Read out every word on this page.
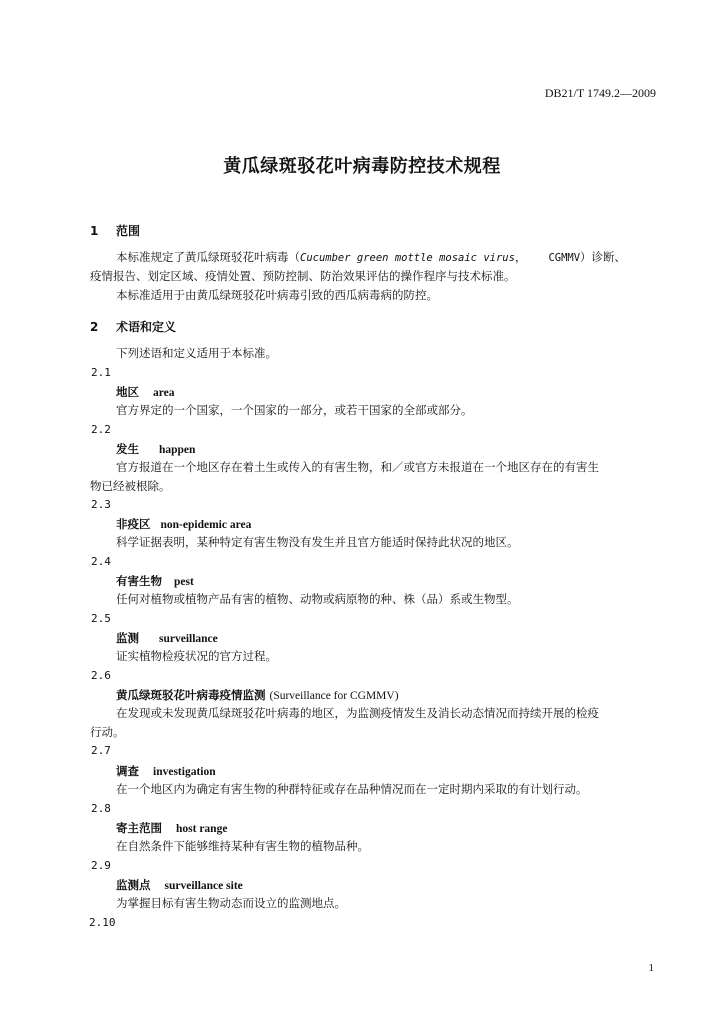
DB21/T 1749.2—2009
黄瓜绿斑驳花叶病毒防控技术规程
1 范围
本标准规定了黄瓜绿斑驳花叶病毒（Cucumber green mottle mosaic virus， CGMMV）诊断、
疫情报告、划定区域、疫情处置、预防控制、防治效果评估的操作程序与技术标准。
本标准适用于由黄瓜绿斑驳花叶病毒引致的西瓜病毒病的防控。
2 术语和定义
下列述语和定义适用于本标准。
2.1
地区 area
官方界定的一个国家，一个国家的一部分，或若干国家的全部或部分。
2.2
发生 happen
官方报道在一个地区存在着土生或传入的有害生物，和／或官方未报道在一个地区存在的有害生
物已经被根除。
2.3
非疫区 non-epidemic area
科学证据表明，某种特定有害生物没有发生并且官方能适时保持此状况的地区。
2.4
有害生物 pest
任何对植物或植物产品有害的植物、动物或病原物的种、株（品）系或生物型。
2.5
监测 surveillance
证实植物检疫状况的官方过程。
2.6
黄瓜绿斑驳花叶病毒疫情监测 (Surveillance for CGMMV)
在发现或未发现黄瓜绿斑驳花叶病毒的地区，为监测疫情发生及消长动态情况而持续开展的检疫
行动。
2.7
调查 investigation
在一个地区内为确定有害生物的种群特征或存在品种情况而在一定时期内采取的有计划行动。
2.8
寄主范围 host range
在自然条件下能够维持某种有害生物的植物品种。
2.9
监测点 surveillance site
为掌握目标有害生物动态而设立的监测地点。
2.10
1
